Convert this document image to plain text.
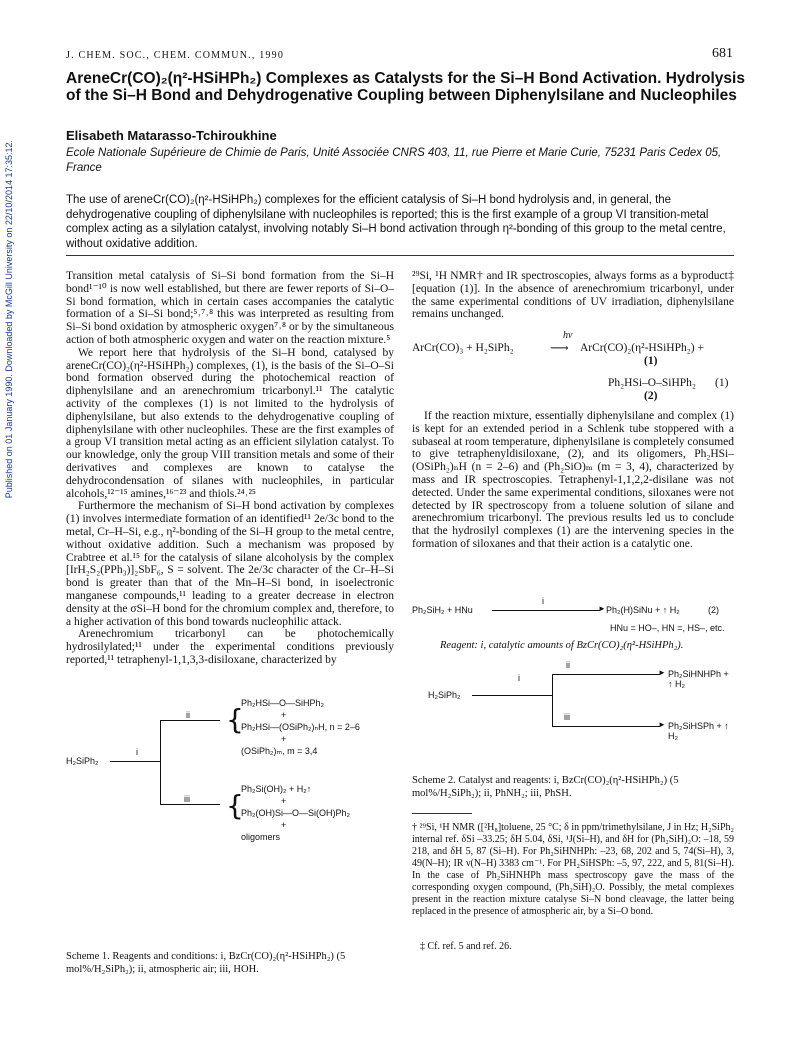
Published on 01 January 1990. Downloaded by McGill University on 22/10/2014 17:35:12.
J. CHEM. SOC., CHEM. COMMUN., 1990	681
AreneCr(CO)₂(η²-HSiHPh₂) Complexes as Catalysts for the Si–H Bond Activation. Hydrolysis of the Si–H Bond and Dehydrogenative Coupling between Diphenylsilane and Nucleophiles
Elisabeth Matarasso-Tchiroukhine
Ecole Nationale Supérieure de Chimie de Paris, Unité Associée CNRS 403, 11, rue Pierre et Marie Curie, 75231 Paris Cedex 05, France
The use of areneCr(CO)₂(η²-HSiHPh₂) complexes for the efficient catalysis of Si–H bond hydrolysis and, in general, the dehydrogenative coupling of diphenylsilane with nucleophiles is reported; this is the first example of a group VI transition-metal complex acting as a silylation catalyst, involving notably Si–H bond activation through η²-bonding of this group to the metal centre, without oxidative addition.

Transition metal catalysis of Si–Si bond formation from the Si–H bond¹⁻¹⁰ is now well established, but there are fewer reports of Si–O–Si bond formation, which in certain cases accompanies the catalytic formation of a Si–Si bond;⁵˒⁷˒⁸ this was interpreted as resulting from Si–Si bond oxidation by atmospheric oxygen⁷˒⁸ or by the simultaneous action of both atmospheric oxygen and water on the reaction mixture.⁵

We report here that hydrolysis of the Si–H bond, catalysed by areneCr(CO)₂(η²-HSiHPh₂) complexes, (1), is the basis of the Si–O–Si bond formation observed during the photochemical reaction of diphenylsilane and an arenechromium tricarbonyl.¹¹ The catalytic activity of the complexes (1) is not limited to the hydrolysis of diphenylsilane, but also extends to the dehydrogenative coupling of diphenylsilane with other nucleophiles. These are the first examples of a group VI transition metal acting as an efficient silylation catalyst. To our knowledge, only the group VIII transition metals and some of their derivatives and complexes are known to catalyse the dehydrocondensation of silanes with nucleophiles, in particular alcohols,¹²⁻¹⁵ amines,¹⁶⁻²³ and thiols.²⁴˒²⁵

Furthermore the mechanism of Si–H bond activation by complexes (1) involves intermediate formation of an identified¹¹ 2e/3c bond to the metal, Cr–H–Si, e.g., η²-bonding of the Si–H group to the metal centre, without oxidative addition. Such a mechanism was proposed by Crabtree et al.¹⁵ for the catalysis of silane alcoholysis by the complex [IrH₂S₂(PPh₃)]₂SbF₆, S = solvent. The 2e/3c character of the Cr–H–Si bond is greater than that of the Mn–H–Si bond, in isoelectronic manganese compounds,¹¹ leading to a greater decrease in electron density at the σSi–H bond for the chromium complex and, therefore, to a higher activation of this bond towards nucleophilic attack.

Arenechromium tricarbonyl can be photochemically hydrosilylated;¹¹ under the experimental conditions previously reported,¹¹ tetraphenyl-1,1,3,3-disiloxane, characterized by

H₂SiPh₂
i
ii
iii
{
Ph₂HSi—O—SiHPh₂
+
Ph₂HSi—(OSiPh₂)ₙH, n = 2–6
+
(OSiPh₂)ₘ, m = 3,4
{
Ph₂Si(OH)₂ + H₂↑
+
Ph₂(OH)Si—O—Si(OH)Ph₂
+
oligomers
Scheme 1. Reagents and conditions: i, BzCr(CO)₂(η²-HSiHPh₂) (5 mol%/H₂SiPh₂); ii, atmospheric air; iii, HOH.

²⁹Si, ¹H NMR† and IR spectroscopies, always forms as a byproduct‡ [equation (1)]. In the absence of arenechromium tricarbonyl, under the same experimental conditions of UV irradiation, diphenylsilane remains unchanged.

ArCr(CO)₃ + H₂SiPh₂
hν
⟶ ArCr(CO)₂(η²-HSiHPh₂) +
(1)
Ph₂HSi–O–SiHPh₂ (1)
(2)

If the reaction mixture, essentially diphenylsilane and complex (1) is kept for an extended period in a Schlenk tube stoppered with a subaseal at room temperature, diphenylsilane is completely consumed to give tetraphenyldisiloxane, (2), and its oligomers, Ph₂HSi–(OSiPh₂)ₙH (n = 2–6) and (Ph₂SiO)ₘ (m = 3, 4), characterized by mass and IR spectroscopies. Tetraphenyl-1,1,2,2-disilane was not detected. Under the same experimental conditions, siloxanes were not detected by IR spectroscopy from a toluene solution of silane and arenechromium tricarbonyl. The previous results led us to conclude that the hydrosilyl complexes (1) are the intervening species in the formation of siloxanes and that their action is a catalytic one.

Ph₂SiH₂ + HNu
i
► Ph₂(H)SiNu + ↑ H₂	(2)
HNu = HO–, HN =, HS–, etc.
Reagent: i, catalytic amounts of BzCr(CO)₂(η²-HSiHPh₂).
H₂SiPh₂
i
ii
iii
►
►
Ph₂SiHNHPh + ↑ H₂
Ph₂SiHSPh + ↑ H₂
Scheme 2. Catalyst and reagents: i, BzCr(CO)₂(η²-HSiHPh₂) (5 mol%/H₂SiPh₂); ii, PhNH₂; iii, PhSH.
† ²⁹Si, ¹H NMR ([²H₈]toluene, 25 °C; δ in ppm/trimethylsilane, J in Hz; H₂SiPh₂ internal ref. δSi –33.25; δH 5.04, δSi, ¹J(Si–H), and δH for (Ph₂SiH)₂O: –18, 59 218, and δH 5, 87 (Si–H). For Ph₂SiHNHPh: –23, 68, 202 and 5, 74(Si–H), 3, 49(N–H); IR ν(N–H) 3383 cm⁻¹. For PH₂SiHSPh: –5, 97, 222, and 5, 81(Si–H). In the case of Ph₂SiHNHPh mass spectroscopy gave the mass of the corresponding oxygen compound, (Ph₂SiH)₂O. Possibly, the metal complexes present in the reaction mixture catalyse Si–N bond cleavage, the latter being replaced in the presence of atmospheric air, by a Si–O bond.
‡ Cf. ref. 5 and ref. 26.
